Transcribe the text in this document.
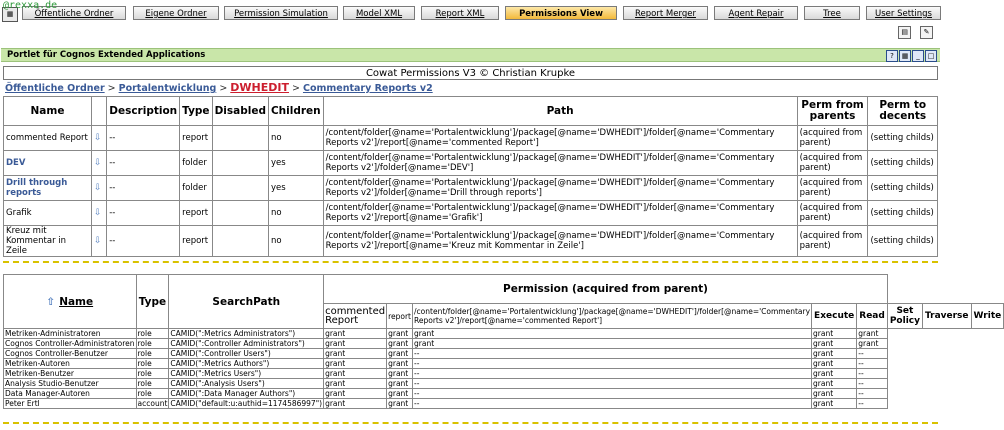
@rexxa.de
▦	Öffentliche Ordner	Eigene Ordner	Permission Simulation	Model XML	Report XML	Permissions View	Report Merger	Agent Repair	Tree	User Settings
▤ ✎
Portlet für Cognos Extended Applications	?	▦	_	□
Cowat Permissions V3 © Christian Krupke
Öffentliche Ordner > Portalentwicklung > DWHEDIT > Commentary Reports v2
Name		Description	Type	Disabled	Children	Path	Perm from parents	Perm to decents
commented Report	⇩	--	report		no	/content/folder[@name='Portalentwicklung']/package[@name='DWHEDIT']/folder[@name='Commentary Reports v2']/report[@name='commented Report']	(acquired from parent)	(setting childs)
DEV	⇩	--	folder		yes	/content/folder[@name='Portalentwicklung']/package[@name='DWHEDIT']/folder[@name='Commentary Reports v2']/folder[@name='DEV']	(acquired from parent)	(setting childs)
Drill through reports	⇩	--	folder		yes	/content/folder[@name='Portalentwicklung']/package[@name='DWHEDIT']/folder[@name='Commentary Reports v2']/folder[@name='Drill through reports']	(acquired from parent)	(setting childs)
Grafik	⇩	--	report		no	/content/folder[@name='Portalentwicklung']/package[@name='DWHEDIT']/folder[@name='Commentary Reports v2']/report[@name='Grafik']	(acquired from parent)	(setting childs)
Kreuz mit Kommentar in Zeile	⇩	--	report		no	/content/folder[@name='Portalentwicklung']/package[@name='DWHEDIT']/folder[@name='Commentary Reports v2']/report[@name='Kreuz mit Kommentar in Zeile']	(acquired from parent)	(setting childs)
⇧ Name	Type	SearchPath	Permission (acquired from parent)							
			commented Report	report	/content/folder[@name='Portalentwicklung']/package[@name='DWHEDIT']/folder[@name='Commentary Reports v2']/report[@name='commented Report']	Execute	Read	Set Policy	Traverse	Write
Metriken-Administratoren	role	CAMID(":Metrics Administrators")	grant	grant	grant	grant	grant			
Cognos Controller-Administratoren	role	CAMID(":Controller Administrators")	grant	grant	grant	grant	grant			
Cognos Controller-Benutzer	role	CAMID(":Controller Users")	grant	grant	--	grant	--			
Metriken-Autoren	role	CAMID(":Metrics Authors")	grant	grant	--	grant	--			
Metriken-Benutzer	role	CAMID(":Metrics Users")	grant	grant	--	grant	--			
Analysis Studio-Benutzer	role	CAMID(":Analysis Users")	grant	grant	--	grant	--			
Data Manager-Autoren	role	CAMID(":Data Manager Authors")	grant	grant	--	grant	--			
Peter Ertl	account	CAMID("default:u:authid=1174586997")	grant	grant	--	grant	--			
